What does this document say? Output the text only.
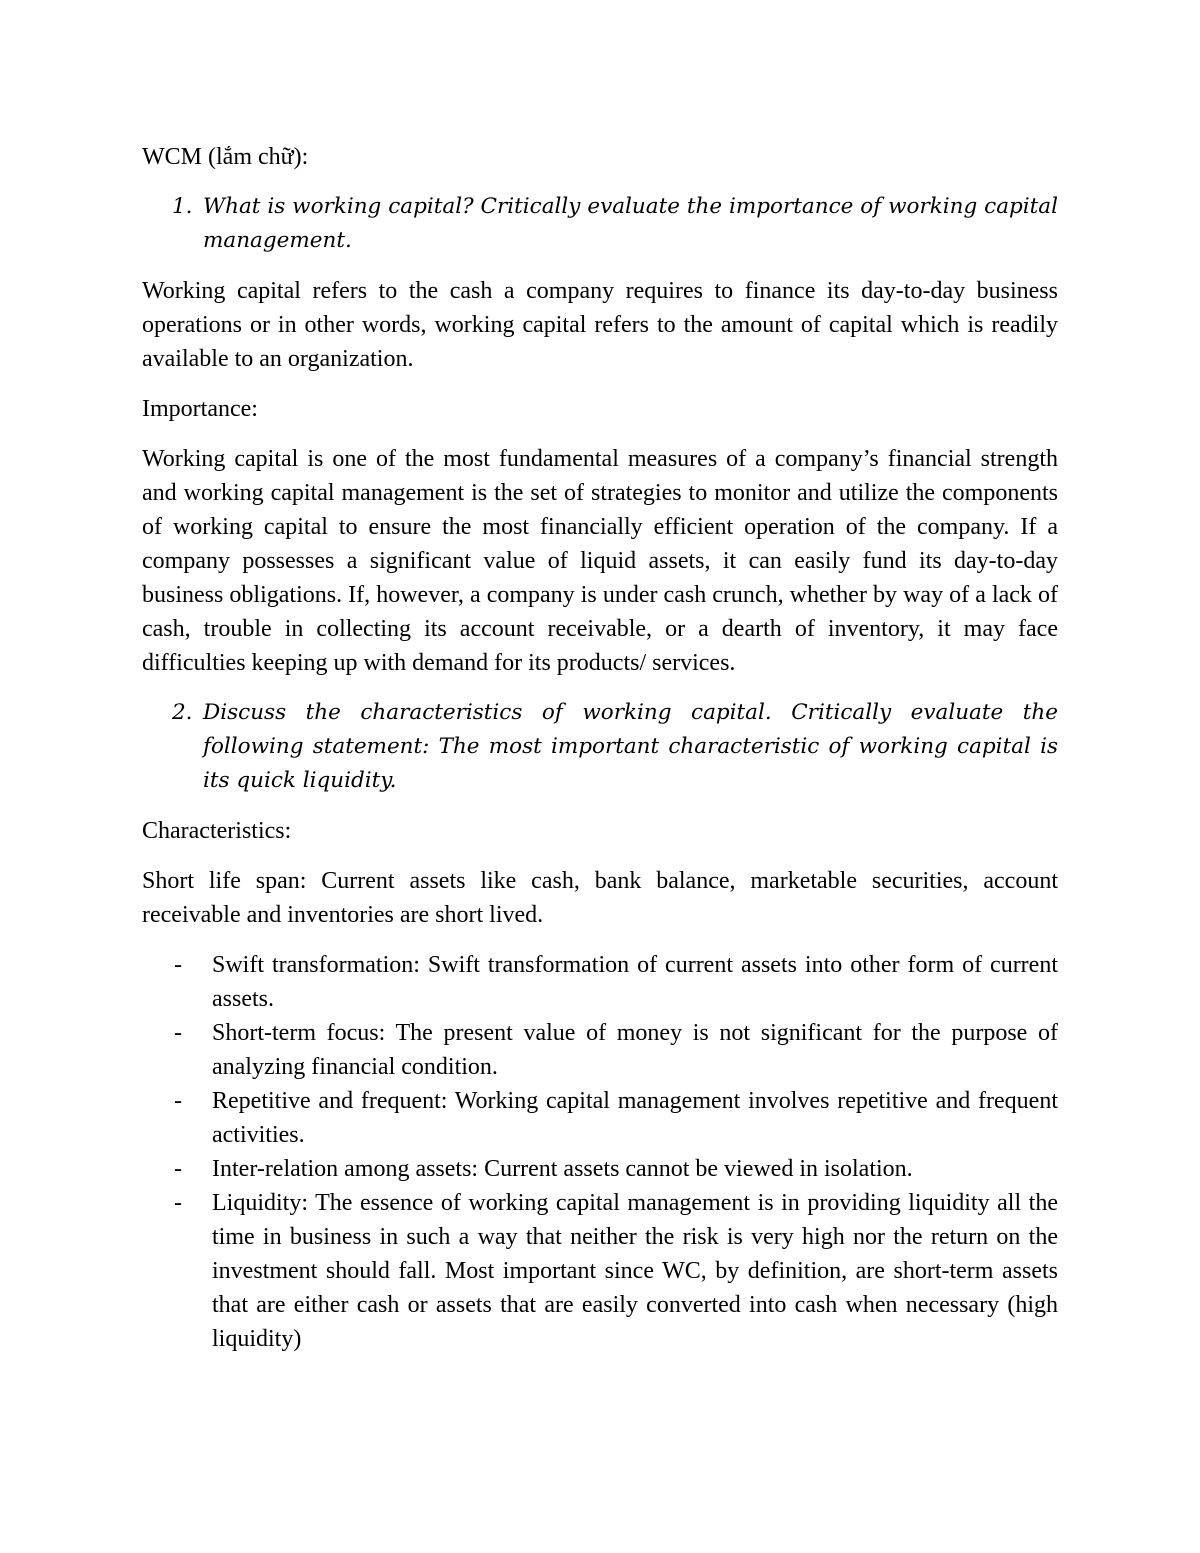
WCM (lắm chữ):

1. What is working capital? Critically evaluate the importance of working capital management.

Working capital refers to the cash a company requires to finance its day-to-day business operations or in other words, working capital refers to the amount of capital which is readily available to an organization.

Importance:

Working capital is one of the most fundamental measures of a company’s financial strength and working capital management is the set of strategies to monitor and utilize the components of working capital to ensure the most financially efficient operation of the company. If a company possesses a significant value of liquid assets, it can easily fund its day-to-day business obligations. If, however, a company is under cash crunch, whether by way of a lack of cash, trouble in collecting its account receivable, or a dearth of inventory, it may face difficulties keeping up with demand for its products/ services.

2. Discuss the characteristics of working capital. Critically evaluate the following statement: The most important characteristic of working capital is its quick liquidity.

Characteristics:

Short life span: Current assets like cash, bank balance, marketable securities, account receivable and inventories are short lived.

- Swift transformation: Swift transformation of current assets into other form of current assets.
- Short-term focus: The present value of money is not significant for the purpose of analyzing financial condition.
- Repetitive and frequent: Working capital management involves repetitive and frequent activities.
- Inter-relation among assets: Current assets cannot be viewed in isolation.
- Liquidity: The essence of working capital management is in providing liquidity all the time in business in such a way that neither the risk is very high nor the return on the investment should fall. Most important since WC, by definition, are short-term assets that are either cash or assets that are easily converted into cash when necessary (high liquidity)
